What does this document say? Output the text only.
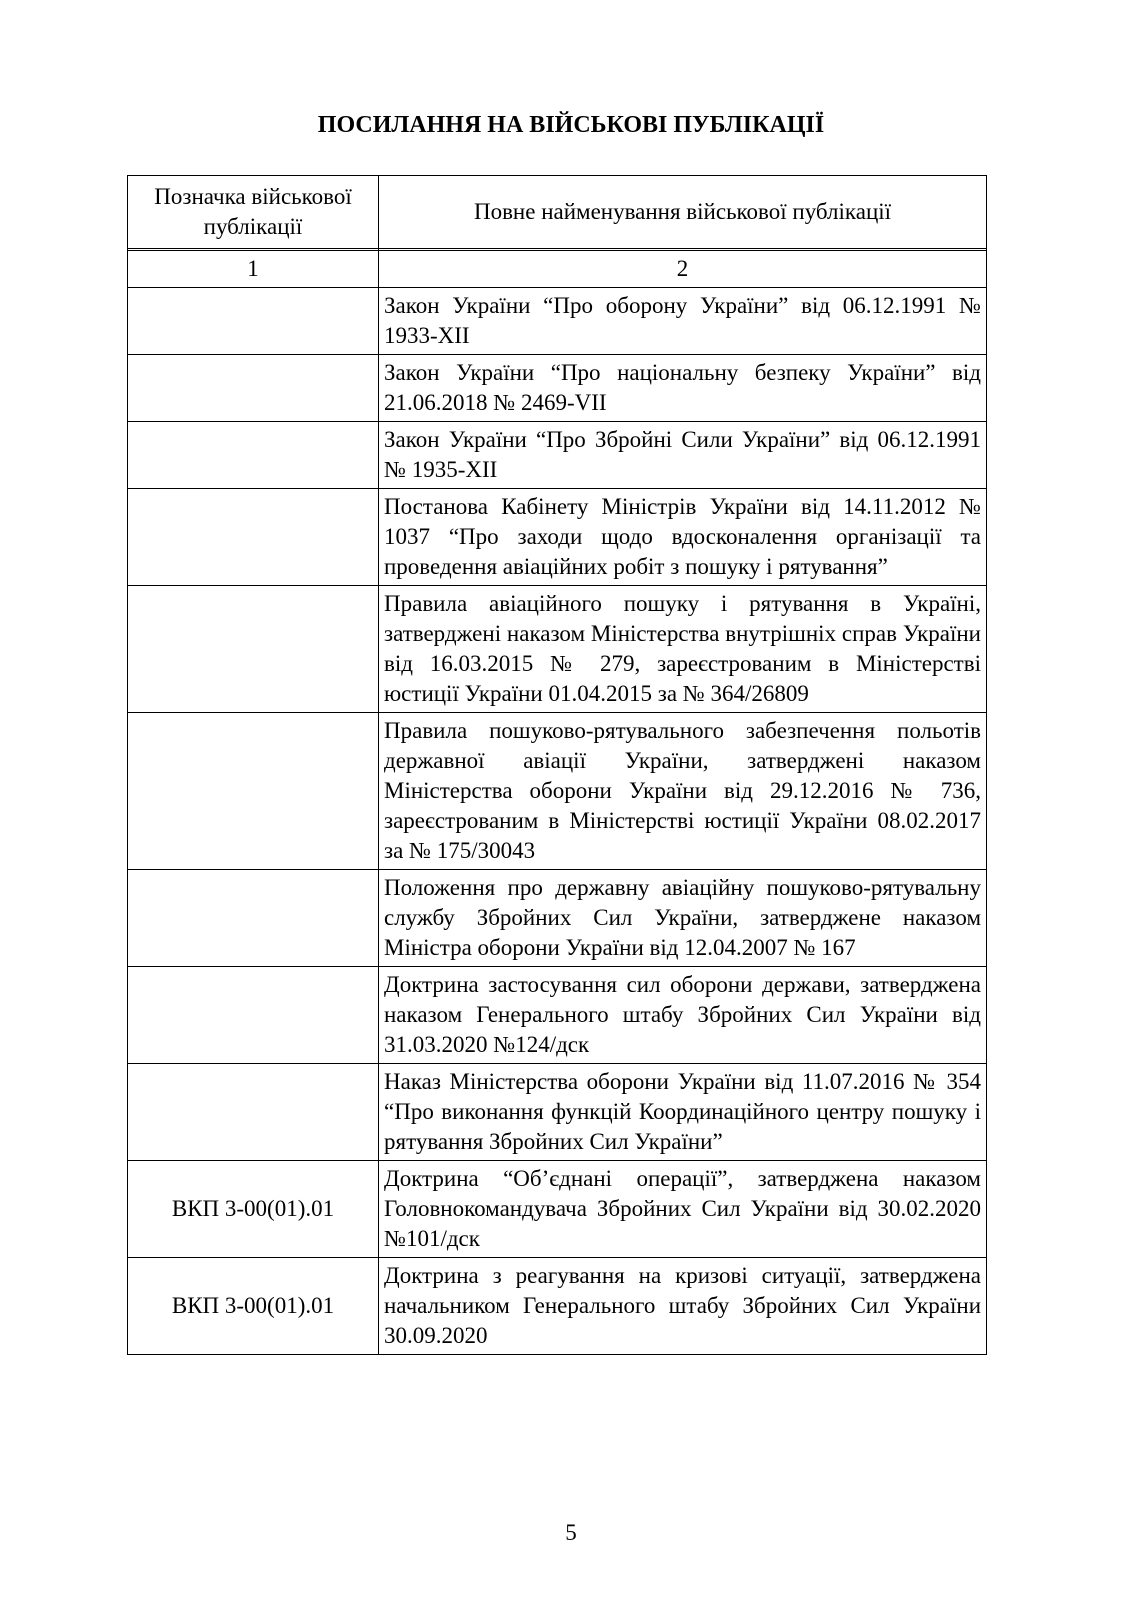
ПОСИЛАННЯ НА ВІЙСЬКОВІ ПУБЛІКАЦІЇ
Позначка військової публікації	Повне найменування військової публікації

1	2
	Закон України “Про оборону України” від 06.12.1991 № 1933-XII
	Закон України “Про національну безпеку України” від 21.06.2018 № 2469-VII
	Закон України “Про Збройні Сили України” від 06.12.1991 № 1935-XII
	Постанова Кабінету Міністрів України від 14.11.2012 № 1037 “Про заходи щодо вдосконалення організації та проведення авіаційних робіт з пошуку і рятування”
	Правила авіаційного пошуку і рятування в Україні, затверджені наказом Міністерства внутрішніх справ України від 16.03.2015 № 279, зареєстрованим в Міністерстві юстиції України 01.04.2015 за № 364/26809
	Правила пошуково-рятувального забезпечення польотів державної авіації України, затверджені наказом Міністерства оборони України від 29.12.2016 № 736, зареєстрованим в Міністерстві юстиції України 08.02.2017 за № 175/30043
	Положення про державну авіаційну пошуково-рятувальну службу Збройних Сил України, затверджене наказом Міністра оборони України від 12.04.2007 № 167
	Доктрина застосування сил оборони держави, затверджена наказом Генерального штабу Збройних Сил України від 31.03.2020 №124/дск
	Наказ Міністерства оборони України від 11.07.2016 № 354 “Про виконання функцій Координаційного центру пошуку і рятування Збройних Сил України”
ВКП 3-00(01).01	Доктрина “Об’єднані операції”, затверджена наказом Головнокомандувача Збройних Сил України від 30.02.2020 №101/дск
ВКП 3-00(01).01	Доктрина з реагування на кризові ситуації, затверджена начальником Генерального штабу Збройних Сил України 30.09.2020
5
